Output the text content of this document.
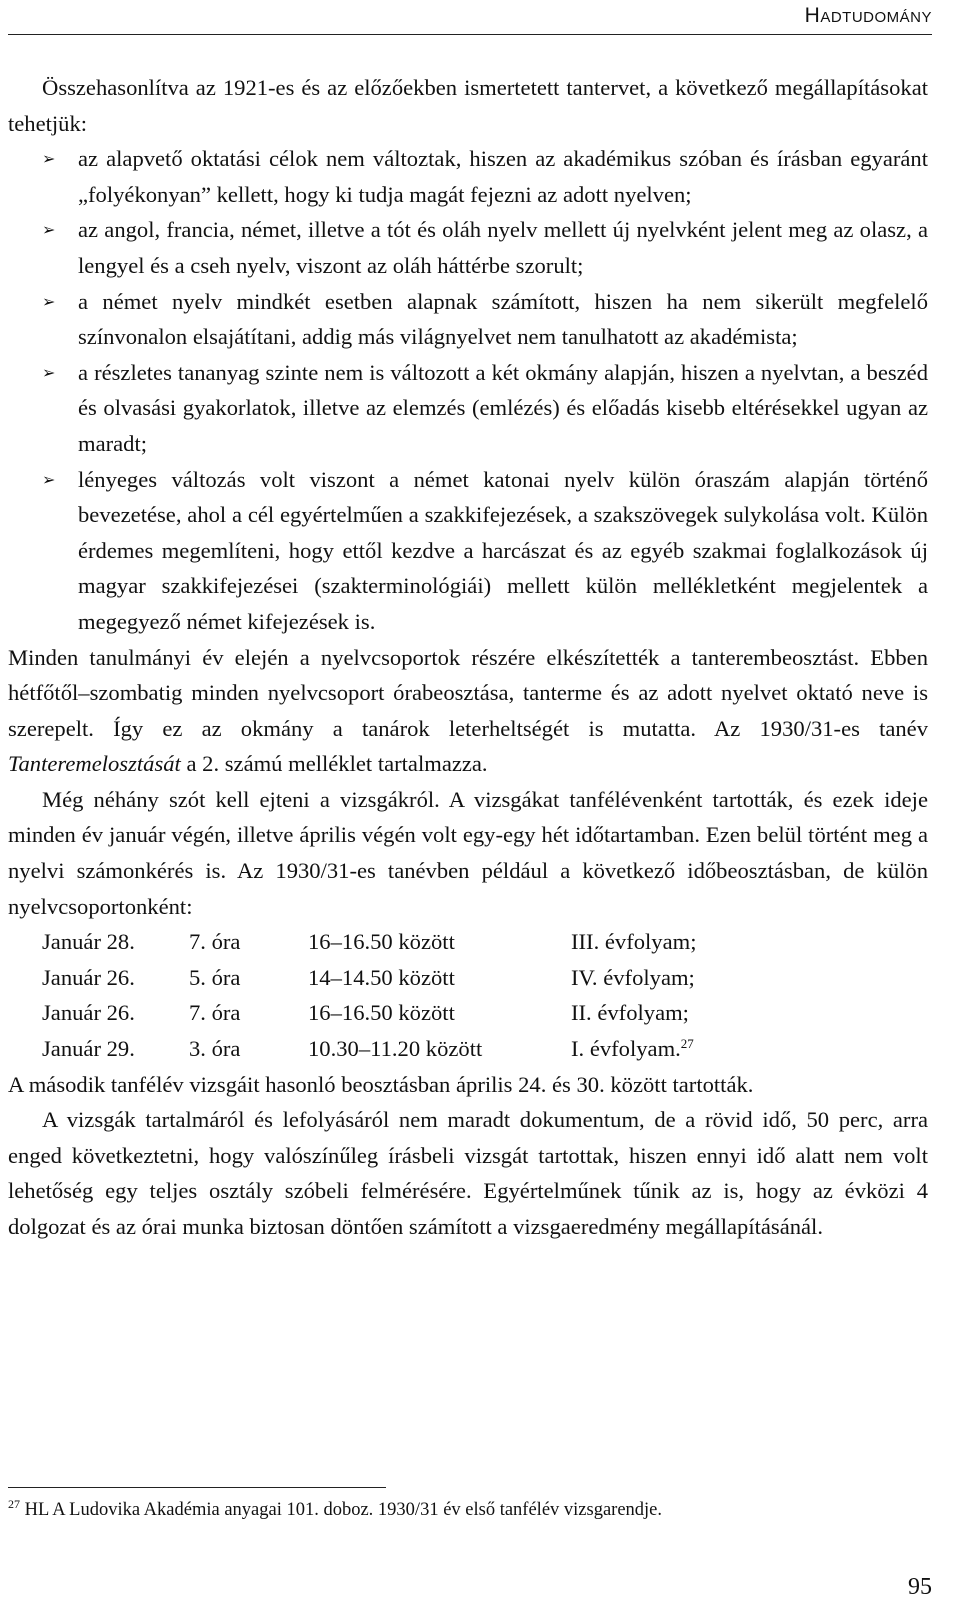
Hadtudomány

Összehasonlítva az 1921-es és az előzőekben ismertetett tantervet, a következő megállapításokat tehetjük:

➢ az alapvető oktatási célok nem változtak, hiszen az akadémikus szóban és írásban egyaránt „folyékonyan” kellett, hogy ki tudja magát fejezni az adott nyelven;
➢ az angol, francia, német, illetve a tót és oláh nyelv mellett új nyelvként jelent meg az olasz, a lengyel és a cseh nyelv, viszont az oláh háttérbe szorult;
➢ a német nyelv mindkét esetben alapnak számított, hiszen ha nem sikerült megfelelő színvonalon elsajátítani, addig más világnyelvet nem tanulhatott az akadémista;
➢ a részletes tananyag szinte nem is változott a két okmány alapján, hiszen a nyelvtan, a beszéd és olvasási gyakorlatok, illetve az elemzés (emlézés) és előadás kisebb eltérésekkel ugyan az maradt;
➢ lényeges változás volt viszont a német katonai nyelv külön óraszám alapján történő bevezetése, ahol a cél egyértelműen a szakkifejezések, a szakszövegek sulykolása volt. Külön érdemes megemlíteni, hogy ettől kezdve a harcászat és az egyéb szakmai foglalkozások új magyar szakkifejezései (szakterminológiái) mellett külön mellékletként megjelentek a megegyező német kifejezések is.

Minden tanulmányi év elején a nyelvcsoportok részére elkészítették a tanterembeosztást. Ebben hétfőtől–szombatig minden nyelvcsoport órabeosztása, tanterme és az adott nyelvet oktató neve is szerepelt. Így ez az okmány a tanárok leterheltségét is mutatta. Az 1930/31-es tanév Tanteremelosztását a 2. számú melléklet tartalmazza.

Még néhány szót kell ejteni a vizsgákról. A vizsgákat tanfélévenként tartották, és ezek ideje minden év január végén, illetve április végén volt egy-egy hét időtartamban. Ezen belül történt meg a nyelvi számonkérés is. Az 1930/31-es tanévben például a következő időbeosztásban, de külön nyelvcsoportonként:

Január 28.	7. óra	16–16.50 között	III. évfolyam;
Január 26.	5. óra	14–14.50 között	IV. évfolyam;
Január 26.	7. óra	16–16.50 között	II. évfolyam;
Január 29.	3. óra	10.30–11.20 között	I. évfolyam.$^{27}$

A második tanfélév vizsgáit hasonló beosztásban április 24. és 30. között tartották.

A vizsgák tartalmáról és lefolyásáról nem maradt dokumentum, de a rövid idő, 50 perc, arra enged következtetni, hogy valószínűleg írásbeli vizsgát tartottak, hiszen ennyi idő alatt nem volt lehetőség egy teljes osztály szóbeli felmérésére. Egyértelműnek tűnik az is, hogy az évközi 4 dolgozat és az órai munka biztosan döntően számított a vizsgaeredmény megállapításánál.

$^{27}$ HL A Ludovika Akadémia anyagai 101. doboz. 1930/31 év első tanfélév vizsgarendje.
95
